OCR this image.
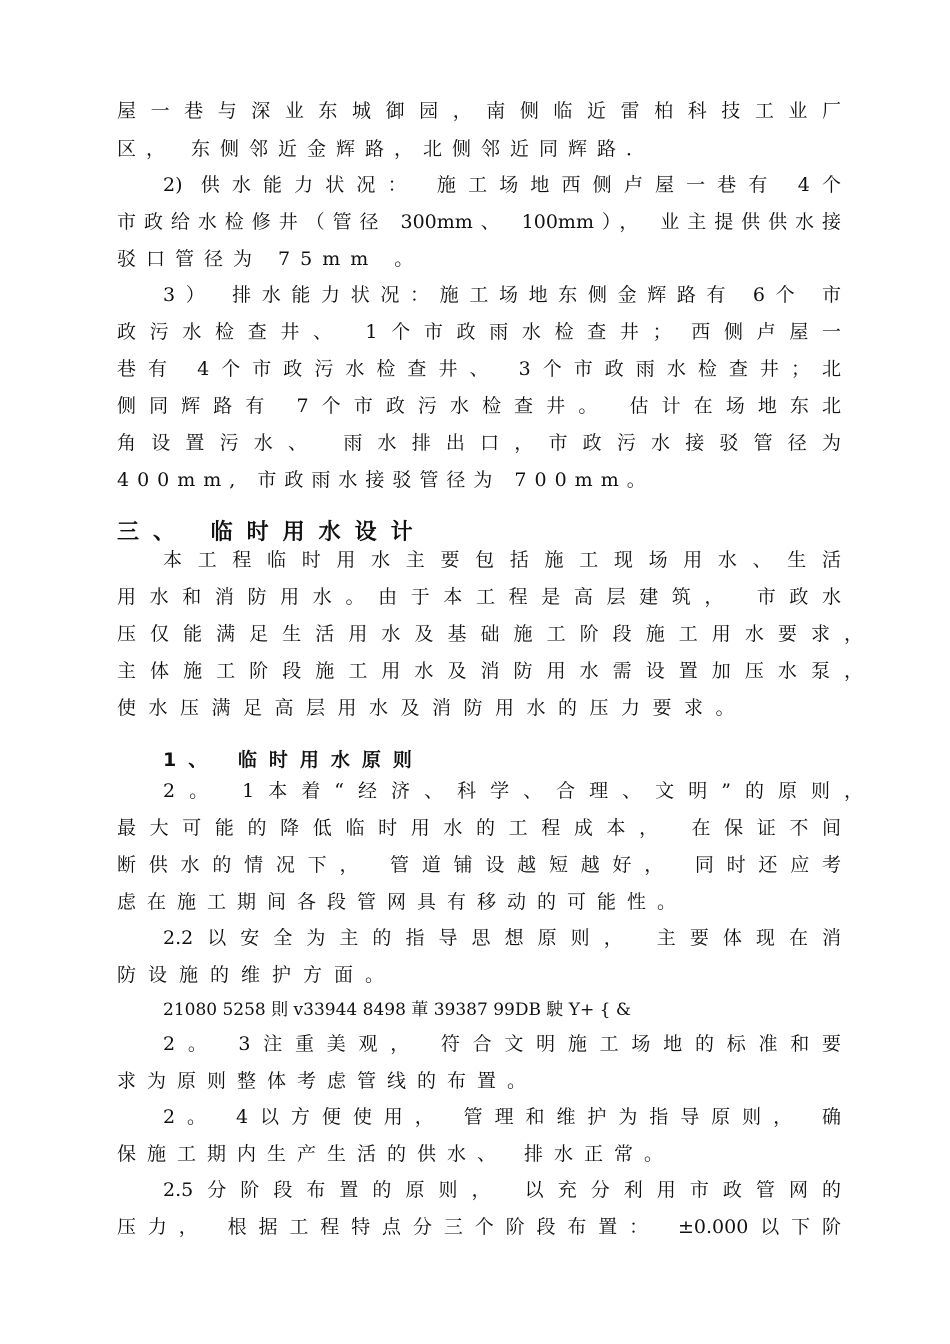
屋一巷与深业东城御园，南侧临近雷柏科技工业厂

区， 东侧邻近金辉路，北侧邻近同辉路．

2) 供水能力状况： 施工场地西侧卢屋一巷有 4个

市政给水检修井（管径 300mm、 100mm）， 业主提供供水接

驳口管径为 75mm 。

3） 排水能力状况：施工场地东侧金辉路有 6个 市

政污水检查井、 1个市政雨水检查井； 西侧卢屋一

巷有 4个市政污水检查井、 3个市政雨水检查井；北

侧同辉路有 7个市政污水检查井。 估计在场地东北

角设置污水、 雨水排出口，市政污水接驳管径为

400mm, 市政雨水接驳管径为 700mm。

三、 临时用水设计

本工程临时用水主要包括施工现场用水、生活

用水和消防用水。由于本工程是高层建筑， 市政水

压仅能满足生活用水及基础施工阶段施工用水要求，

主体施工阶段施工用水及消防用水需设置加压水泵，

使水压满足高层用水及消防用水的压力要求。

1、 临时用水原则

2。 1本着“经济、科学、合理、文明”的原则，

最大可能的降低临时用水的工程成本， 在保证不间

断供水的情况下， 管道铺设越短越好， 同时还应考

虑在施工期间各段管网具有移动的可能性。

2.2以安全为主的指导思想原则， 主要体现在消

防设施的维护方面。

21080 5258 則 v33944 8498 莗 39387 99DB 駛 Y+ { &

2。 3注重美观， 符合文明施工场地的标准和要

求为原则整体考虑管线的布置。

2。 4以方便使用， 管理和维护为指导原则， 确

保施工期内生产生活的供水、 排水正常。

2.5分阶段布置的原则， 以充分利用市政管网的

压力， 根据工程特点分三个阶段布置： ±0.000以下阶
